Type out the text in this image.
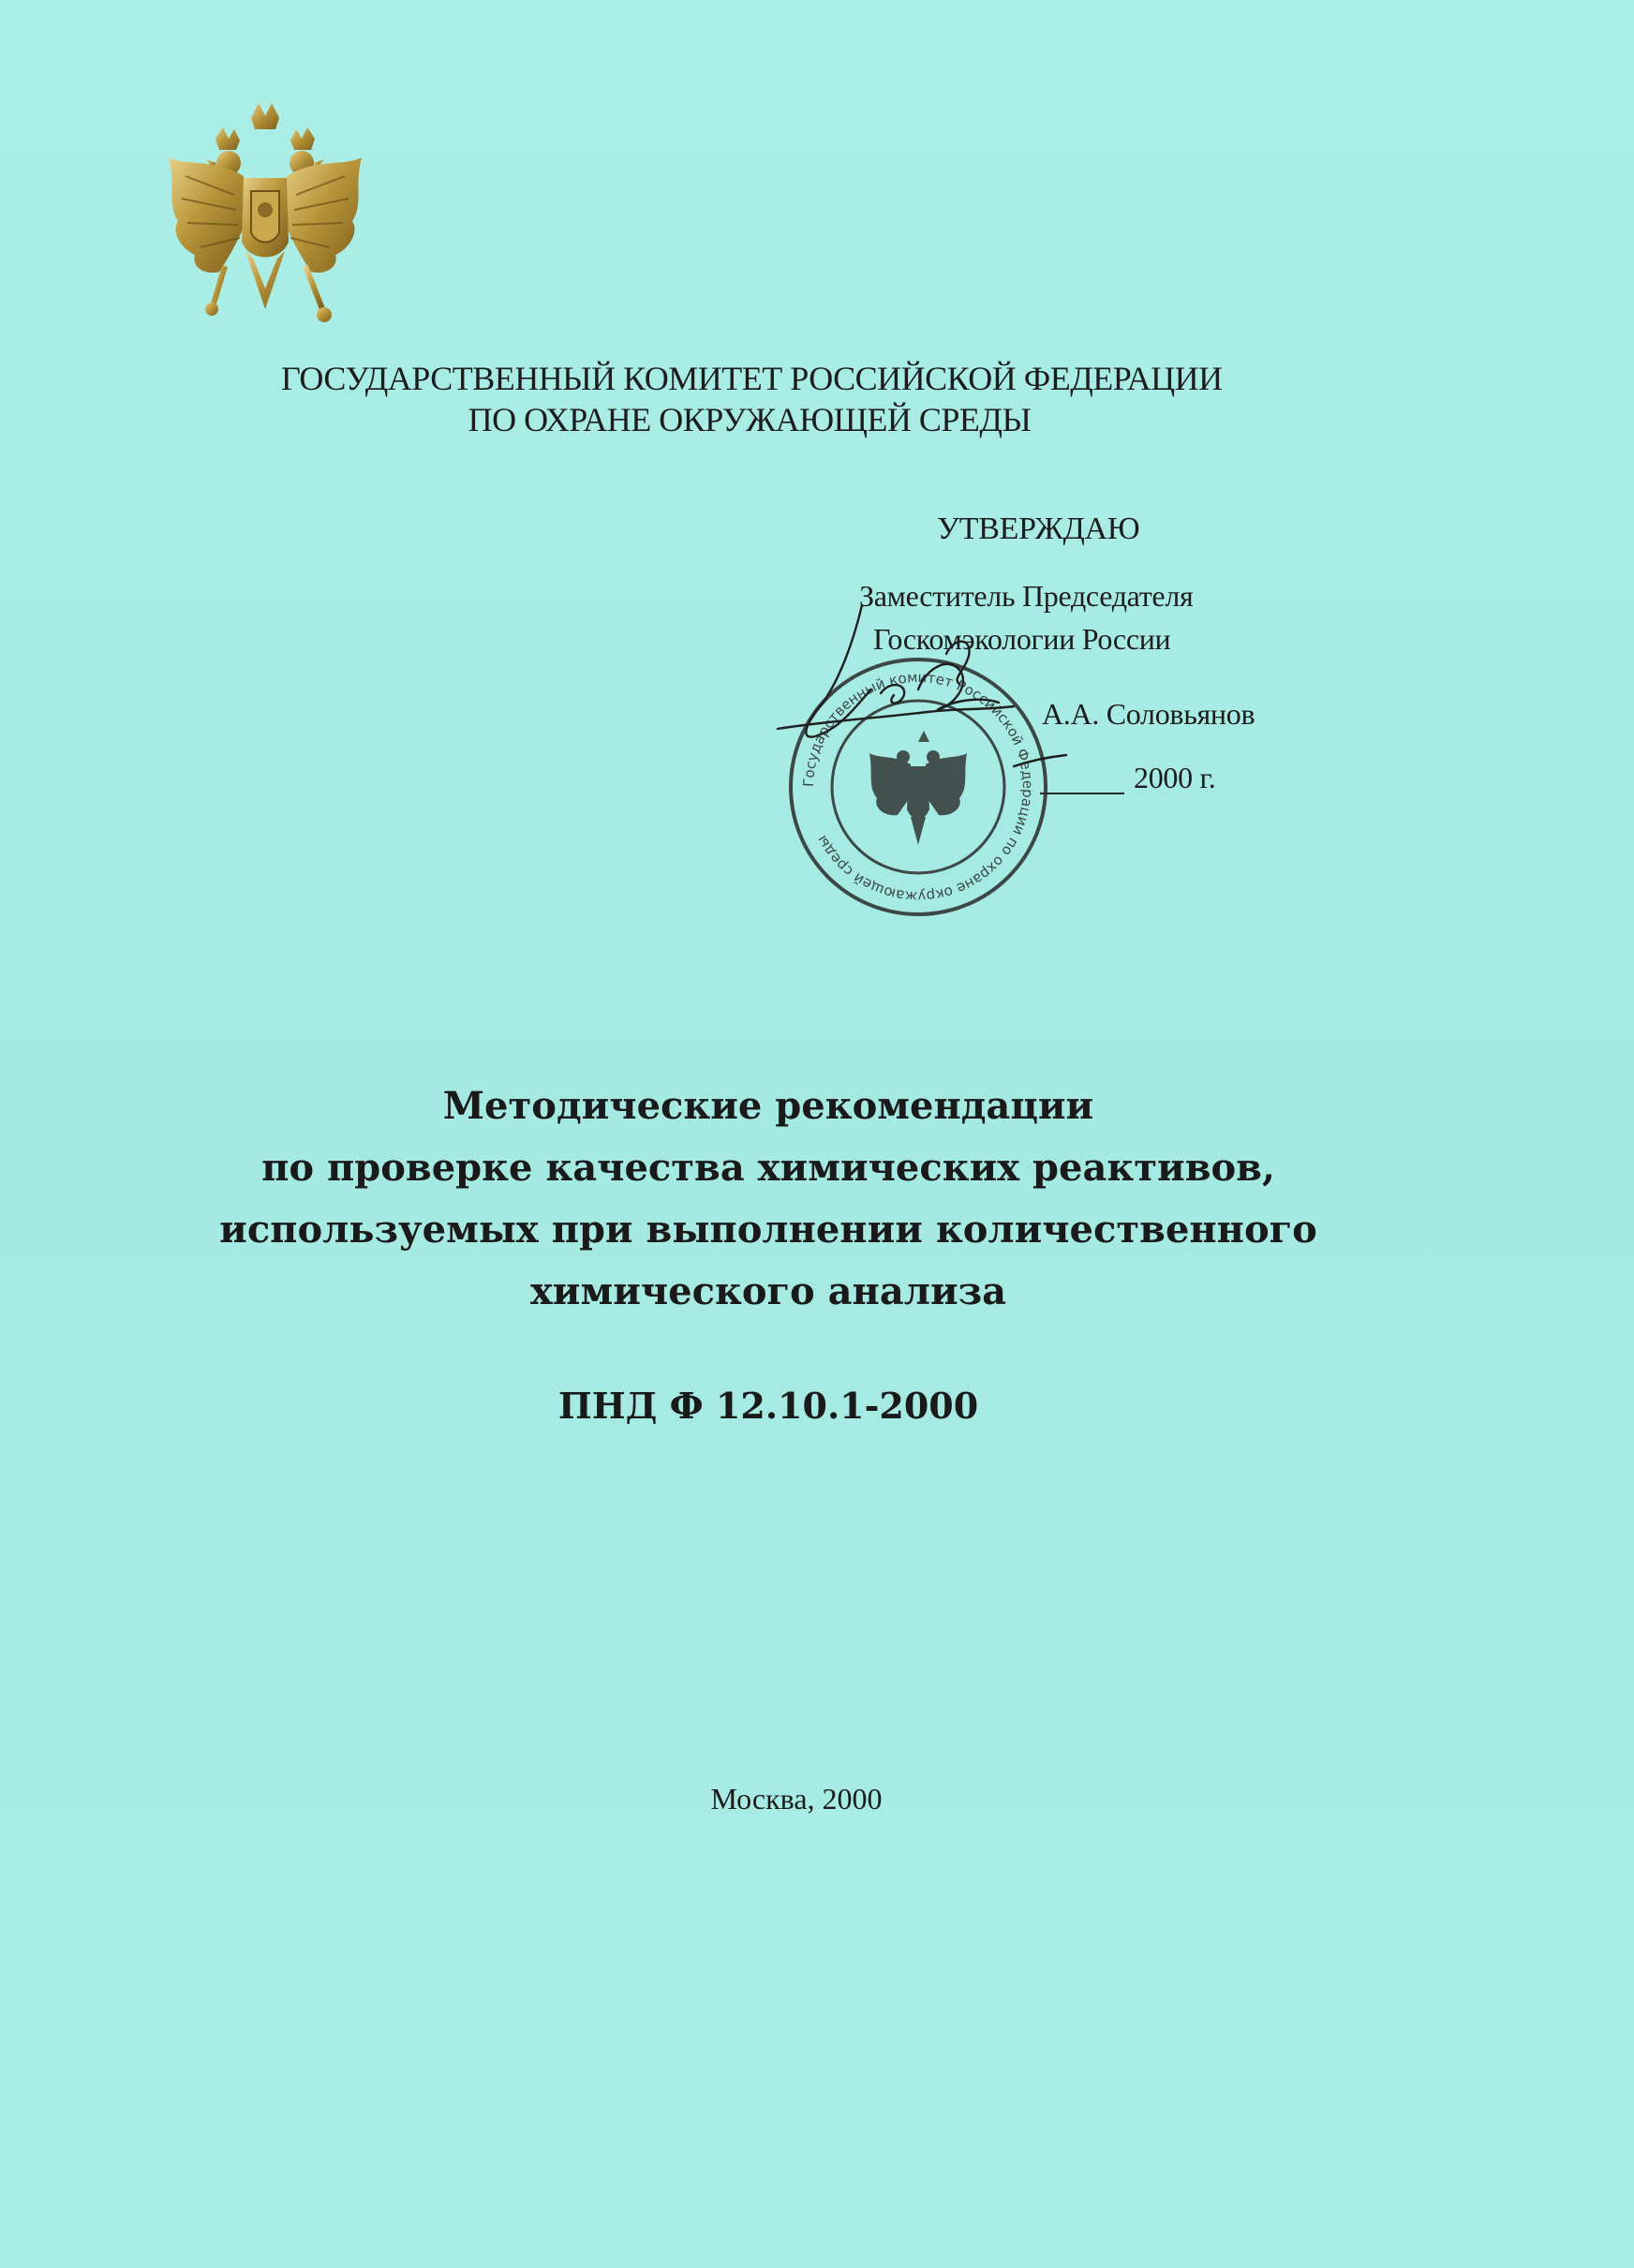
ГОСУДАРСТВЕННЫЙ КОМИТЕТ РОССИЙСКОЙ ФЕДЕРАЦИИ
ПО ОХРАНЕ ОКРУЖАЮЩЕЙ СРЕДЫ
УТВЕРЖДАЮ
Заместитель Председателя
Госкомэкологии России
А.А. Соловьянов
2000 г.
Государственный комитет Российской Федерации по охране окружающей среды
Методические рекомендации
по проверке качества химических реактивов,
используемых при выполнении количественного
химического анализа
ПНД Ф 12.10.1-2000
Москва, 2000
